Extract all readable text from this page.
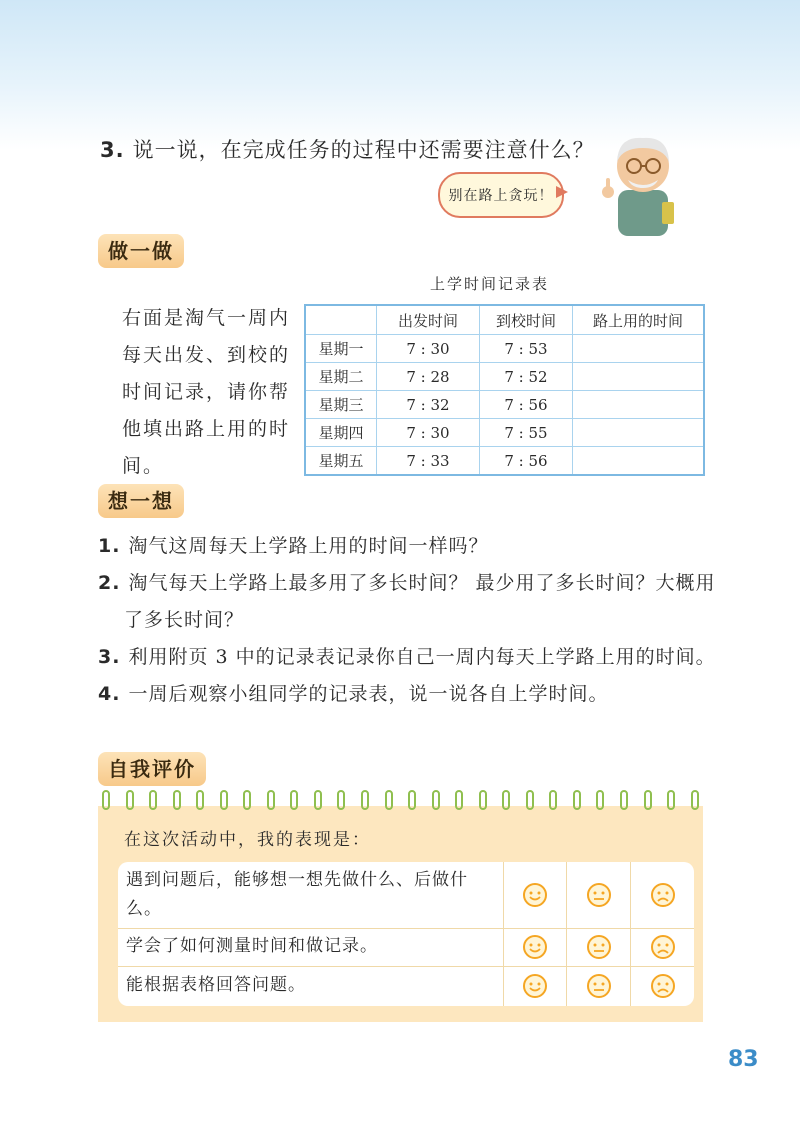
3. 说一说，在完成任务的过程中还需要注意什么？
别在路上贪玩！
做一做
右面是淘气一周内每天出发、到校的时间记录，请你帮他填出路上用的时间。
上学时间记录表
	出发时间	到校时间	路上用的时间
星期一	7 : 30	7 : 53	
星期二	7 : 28	7 : 52	
星期三	7 : 32	7 : 56	
星期四	7 : 30	7 : 55	
星期五	7 : 33	7 : 56	
想一想
1. 淘气这周每天上学路上用的时间一样吗？
2. 淘气每天上学路上最多用了多长时间？ 最少用了多长时间？大概用了多长时间？
3. 利用附页 3 中的记录表记录你自己一周内每天上学路上用的时间。
4. 一周后观察小组同学的记录表，说一说各自上学时间。
自我评价
在这次活动中，我的表现是：
遇到问题后，能够想一想先做什么、后做什么。
学会了如何测量时间和做记录。
能根据表格回答问题。
83
